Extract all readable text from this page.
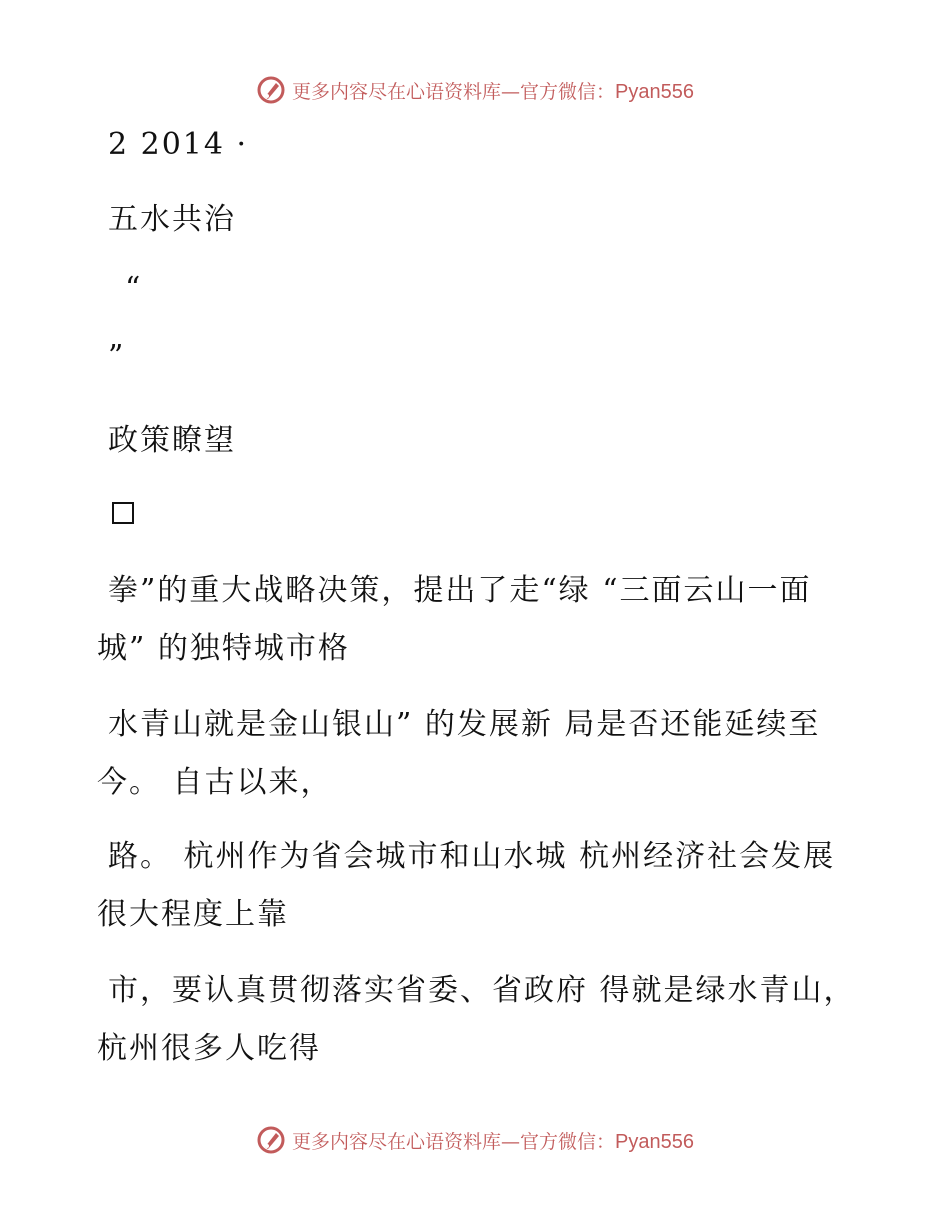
更多内容尽在心语资料库—官方微信：Pyan556
2 2014 ·
五水共治
“
”
政策瞭望
拳”的重大战略决策，提出了走“绿 “三面云山一面城” 的独特城市格
水青山就是金山银山” 的发展新 局是否还能延续至今。 自古以来，
路。 杭州作为省会城市和山水城 杭州经济社会发展很大程度上靠
市，要认真贯彻落实省委、省政府 得就是绿水青山，杭州很多人吃得
更多内容尽在心语资料库—官方微信：Pyan556
